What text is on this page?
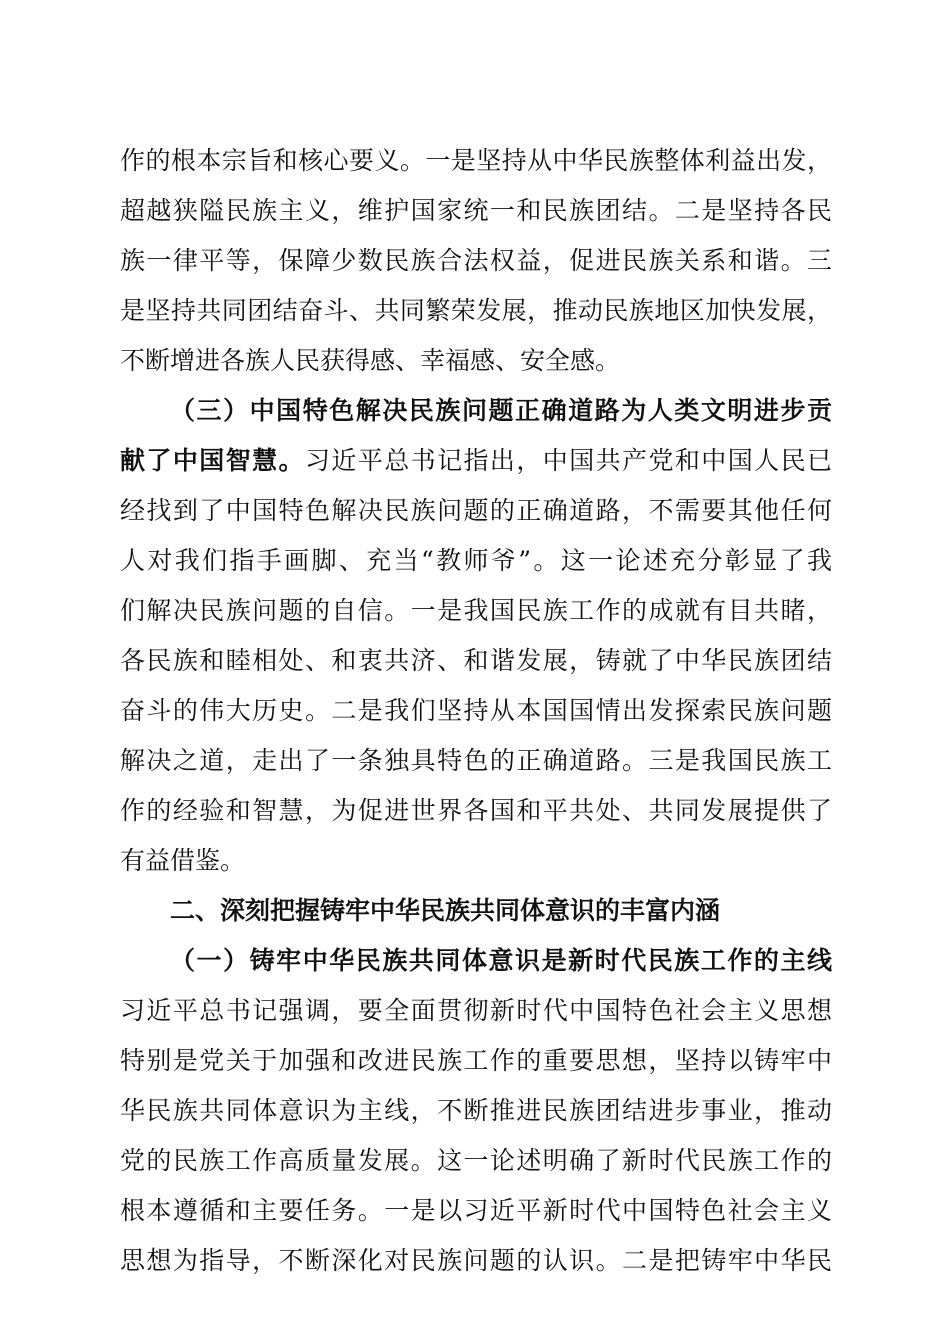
作的根本宗旨和核心要义。一是坚持从中华民族整体利益出发，
超越狭隘民族主义，维护国家统一和民族团结。二是坚持各民
族一律平等，保障少数民族合法权益，促进民族关系和谐。三
是坚持共同团结奋斗、共同繁荣发展，推动民族地区加快发展，
不断增进各族人民获得感、幸福感、安全感。
（三）中国特色解决民族问题正确道路为人类文明进步贡
献了中国智慧。习近平总书记指出，中国共产党和中国人民已
经找到了中国特色解决民族问题的正确道路，不需要其他任何
人对我们指手画脚、充当“教师爷”。这一论述充分彰显了我
们解决民族问题的自信。一是我国民族工作的成就有目共睹，
各民族和睦相处、和衷共济、和谐发展，铸就了中华民族团结
奋斗的伟大历史。二是我们坚持从本国国情出发探索民族问题
解决之道，走出了一条独具特色的正确道路。三是我国民族工
作的经验和智慧，为促进世界各国和平共处、共同发展提供了
有益借鉴。
二、深刻把握铸牢中华民族共同体意识的丰富内涵
（一）铸牢中华民族共同体意识是新时代民族工作的主线
习近平总书记强调，要全面贯彻新时代中国特色社会主义思想
特别是党关于加强和改进民族工作的重要思想，坚持以铸牢中
华民族共同体意识为主线，不断推进民族团结进步事业，推动
党的民族工作高质量发展。这一论述明确了新时代民族工作的
根本遵循和主要任务。一是以习近平新时代中国特色社会主义
思想为指导，不断深化对民族问题的认识。二是把铸牢中华民
